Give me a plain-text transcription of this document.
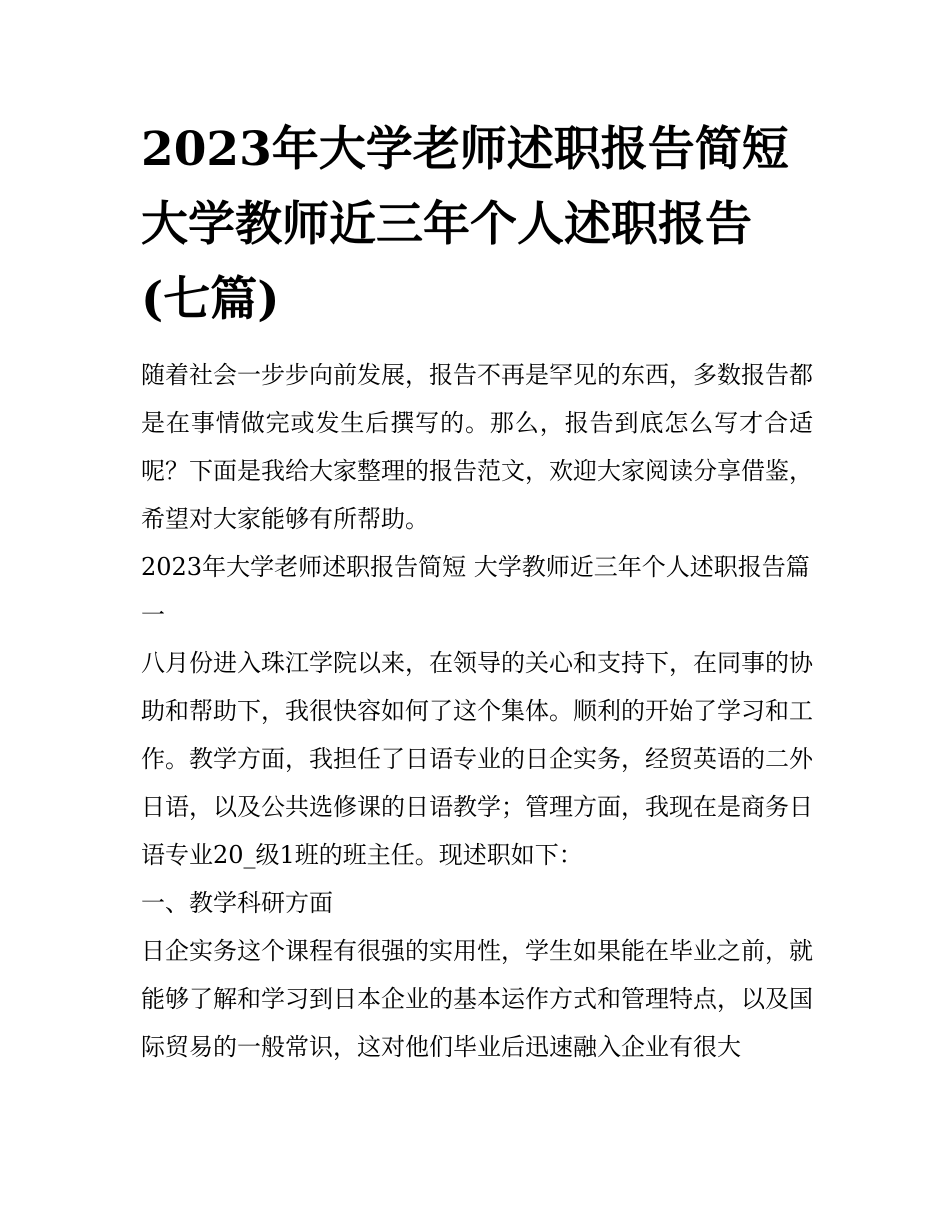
2023年大学老师述职报告简短 大学教师近三年个人述职报告(七篇)

随着社会一步步向前发展，报告不再是罕见的东西，多数报告都是在事情做完或发生后撰写的。那么，报告到底怎么写才合适呢？下面是我给大家整理的报告范文，欢迎大家阅读分享借鉴，希望对大家能够有所帮助。

2023年大学老师述职报告简短 大学教师近三年个人述职报告篇一

八月份进入珠江学院以来，在领导的关心和支持下，在同事的协助和帮助下，我很快容如何了这个集体。顺利的开始了学习和工作。教学方面，我担任了日语专业的日企实务，经贸英语的二外日语，以及公共选修课的日语教学；管理方面，我现在是商务日语专业20_级1班的班主任。现述职如下：

一、教学科研方面

日企实务这个课程有很强的实用性，学生如果能在毕业之前，就能够了解和学习到日本企业的基本运作方式和管理特点，以及国际贸易的一般常识，这对他们毕业后迅速融入企业有很大
